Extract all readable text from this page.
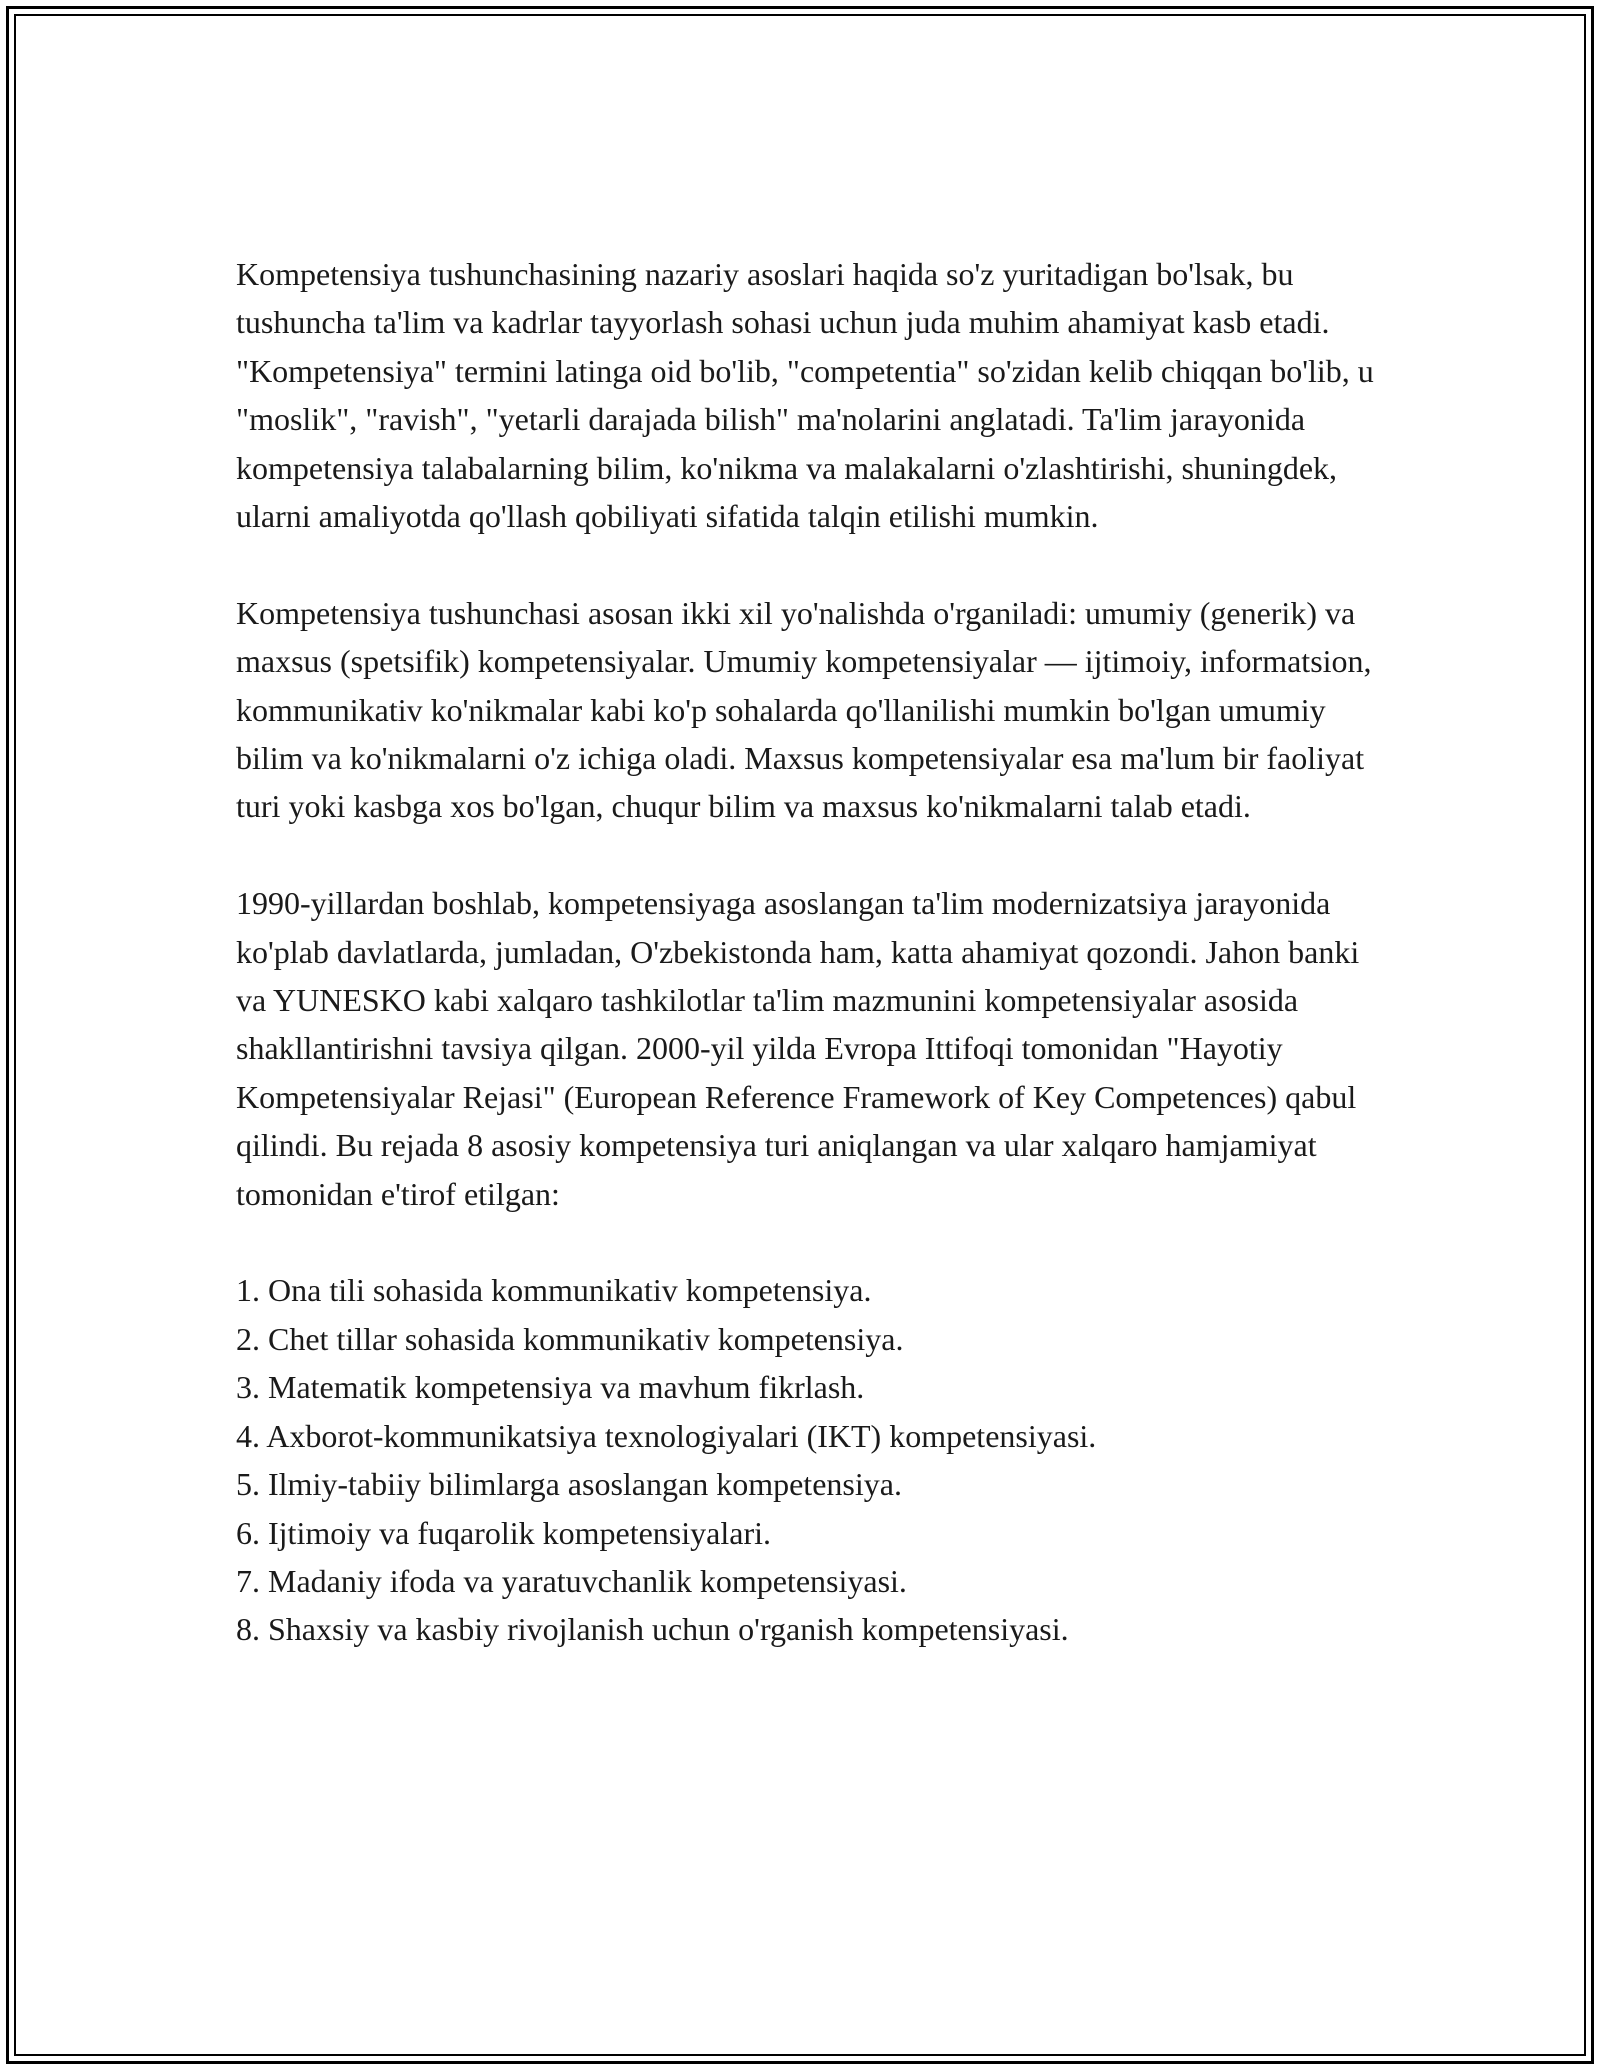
Kompetensiya tushunchasining nazariy asoslari haqida so'z yuritadigan bo'lsak, bu tushuncha ta'lim va kadrlar tayyorlash sohasi uchun juda muhim ahamiyat kasb etadi. "Kompetensiya" termini latinga oid bo'lib, "competentia" so'zidan kelib chiqqan bo'lib, u "moslik", "ravish", "yetarli darajada bilish" ma'nolarini anglatadi. Ta'lim jarayonida kompetensiya talabalarning bilim, ko'nikma va malakalarni o'zlashtirishi, shuningdek, ularni amaliyotda qo'llash qobiliyati sifatida talqin etilishi mumkin.

Kompetensiya tushunchasi asosan ikki xil yo'nalishda o'rganiladi: umumiy (generik) va maxsus (spetsifik) kompetensiyalar. Umumiy kompetensiyalar — ijtimoiy, informatsion, kommunikativ ko'nikmalar kabi ko'p sohalarda qo'llanilishi mumkin bo'lgan umumiy bilim va ko'nikmalarni o'z ichiga oladi. Maxsus kompetensiyalar esa ma'lum bir faoliyat turi yoki kasbga xos bo'lgan, chuqur bilim va maxsus ko'nikmalarni talab etadi.

1990-yillardan boshlab, kompetensiyaga asoslangan ta'lim modernizatsiya jarayonida ko'plab davlatlarda, jumladan, O'zbekistonda ham, katta ahamiyat qozondi. Jahon banki va YUNESKO kabi xalqaro tashkilotlar ta'lim mazmunini kompetensiyalar asosida shakllantirishni tavsiya qilgan. 2000-yil yilda Evropa Ittifoqi tomonidan "Hayotiy Kompetensiyalar Rejasi" (European Reference Framework of Key Competences) qabul qilindi. Bu rejada 8 asosiy kompetensiya turi aniqlangan va ular xalqaro hamjamiyat tomonidan e'tirof etilgan:

1. Ona tili sohasida kommunikativ kompetensiya.
2. Chet tillar sohasida kommunikativ kompetensiya.
3. Matematik kompetensiya va mavhum fikrlash.
4. Axborot-kommunikatsiya texnologiyalari (IKT) kompetensiyasi.
5. Ilmiy-tabiiy bilimlarga asoslangan kompetensiya.
6. Ijtimoiy va fuqarolik kompetensiyalari.
7. Madaniy ifoda va yaratuvchanlik kompetensiyasi.
8. Shaxsiy va kasbiy rivojlanish uchun o'rganish kompetensiyasi.
